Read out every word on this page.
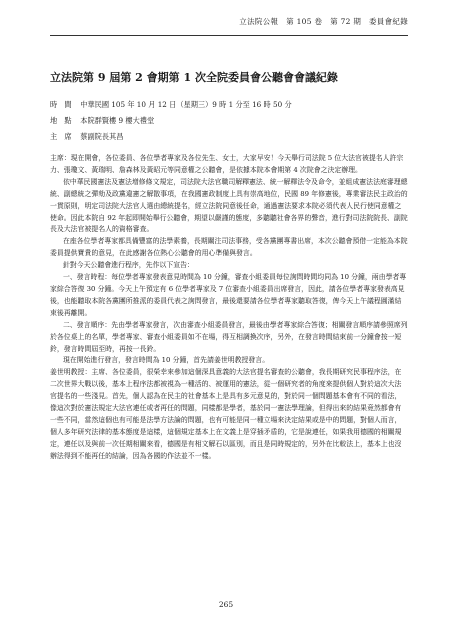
立法院公報　第 105 卷　第 72 期　委員會紀錄
立法院第 9 屆第 2 會期第 1 次全院委員會公聽會會議紀錄
時　間 中華民國 105 年 10 月 12 日（星期三）9 時 1 分至 16 時 50 分
地　點 本院群賢樓 9 樓大禮堂
主　席 蔡副院長其昌
主席：現在開會，各位委員、各位學者專家及各位先生、女士，大家早安！今天舉行司法院 5 位大法官被提名人許宗力、張瓊文、黃瑞明、詹森林及黃昭元等同意權之公聽會，是依據本院本會期第 4 次院會之決定辦理。
依中華民國憲法及憲法增修條文規定，司法院大法官職司解釋憲法、統一解釋法令及命令，並組成憲法法庭審理總統、副總統之彈劾及政黨違憲之解散事項，在我國憲政制度上具有崇高地位，民國 89 年修憲後，專業審法民主政治的一貫原則，明定司法院大法官人選由總統提名，經立法院同意後任命，通過憲法要求本院必須代表人民行使同意權之使命。因此本院自 92 年起即開始舉行公聽會，期望以嚴謹的態度，多聽聽社會各界的聲音，進行對司法院院長、副院長及大法官被提名人的資格審查。
在座各位學者專家都具備豐富的法學素養，長期關注司法事務，受各黨團專書出席，本次公聽會預借一定能為本院委員提供寶貴的意見，在此感謝各位熱心公聽會的用心準備與發言。
針對今天公聽會進行程序，先作以下宣告：
一、發言時程：每位學者專家發表意見時間為 10 分鐘，審查小組委員每位詢問時間均同為 10 分鐘，兩由學者專家綜合答復 30 分鐘。今天上午預定有 6 位學者專家及 7 位審查小組委員出席發言，因此，請各位學者專家發表高見後，也能聽取本院各黨團所推派的委員代表之詢問發言，最後還要請各位學者專家聽取答復，俾今天上午議程圓滿結束後再離開。
二、發言順序：先由學者專家發言，次由審查小組委員發言，最後由學者專家綜合答復；相關發言順序請參照席列於各位桌上的名單，學者專家、審查小組委員如不在場，得互相調換次序，另外，在發言時間結束前一分鐘會按一短鈴，發言時間屆至時，再按一長鈴。
現在開始進行發言，發言時間為 10 分鐘，首先請姜世明教授發言。
姜世明教授：主席、各位委員，很榮幸來參加這個深具意義的大法官提名審查的公聽會，我長期研究民事程序法，在二次世界大戰以後，基本上程序法都被視為一種活的、被運用的憲法，從一個研究者的角度來提供個人對於這次大法官提名的一些淺見。首先，個人認為在民主的社會基本上是具有多元意見的，對於同一個問題基本會有不同的看法，像這次對於憲法規定大法官連任或者再任的問題，同樣都是學者，基於同一憲法學理論，但得出來的結果竟然都會有一些不同，當然這個也有可能是法學方法論的問題，也有可能是同一種立場來決定結果或是中的問題，對個人而言，個人多年研究法律的基本態度是這樣，這個規定基本上在文義上是穿插矛盾的，它是說連任，如果我用德國的相關規定，連任以及與前一次任期相關來看，德國是有相文解石以區別，而且是同時規定的，另外在比較法上，基本上也沒辦法得到不能再任的結論，因為各國的作法並不一樣。
265
